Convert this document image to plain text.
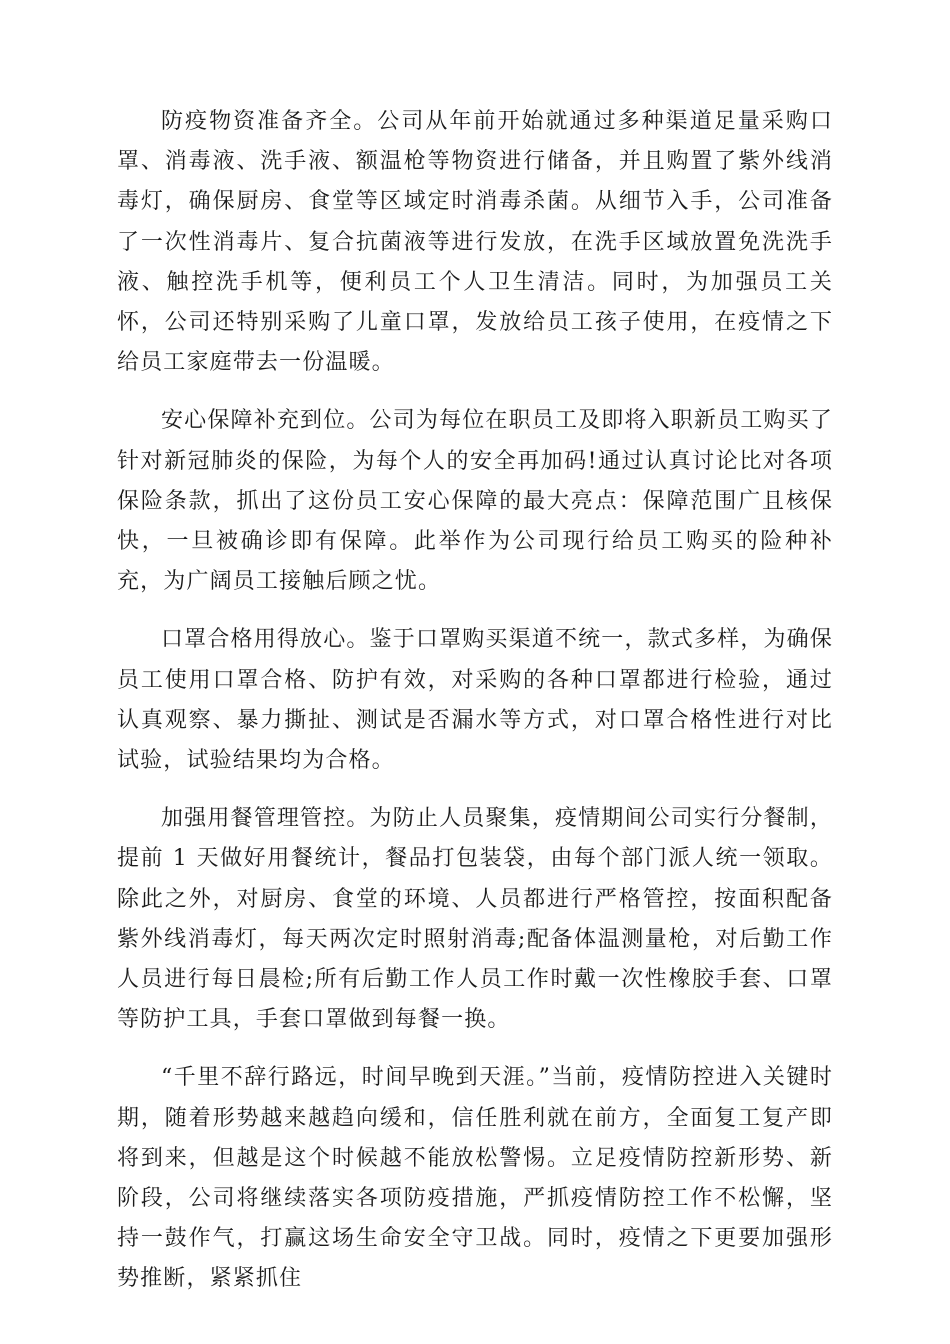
防疫物资准备齐全。公司从年前开始就通过多种渠道足量采购口罩、消毒液、洗手液、额温枪等物资进行储备，并且购置了紫外线消毒灯，确保厨房、食堂等区域定时消毒杀菌。从细节入手，公司准备了一次性消毒片、复合抗菌液等进行发放，在洗手区域放置免洗洗手液、触控洗手机等，便利员工个人卫生清洁。同时，为加强员工关怀，公司还特别采购了儿童口罩，发放给员工孩子使用，在疫情之下给员工家庭带去一份温暖。

安心保障补充到位。公司为每位在职员工及即将入职新员工购买了针对新冠肺炎的保险，为每个人的安全再加码!通过认真讨论比对各项保险条款，抓出了这份员工安心保障的最大亮点：保障范围广且核保快，一旦被确诊即有保障。此举作为公司现行给员工购买的险种补充，为广阔员工接触后顾之忧。

口罩合格用得放心。鉴于口罩购买渠道不统一，款式多样，为确保员工使用口罩合格、防护有效，对采购的各种口罩都进行检验，通过认真观察、暴力撕扯、测试是否漏水等方式，对口罩合格性进行对比试验，试验结果均为合格。

加强用餐管理管控。为防止人员聚集，疫情期间公司实行分餐制，提前 1 天做好用餐统计，餐品打包装袋，由每个部门派人统一领取。除此之外，对厨房、食堂的环境、人员都进行严格管控，按面积配备紫外线消毒灯，每天两次定时照射消毒;配备体温测量枪，对后勤工作人员进行每日晨检;所有后勤工作人员工作时戴一次性橡胶手套、口罩等防护工具，手套口罩做到每餐一换。

“千里不辞行路远，时间早晚到天涯。”当前，疫情防控进入关键时期，随着形势越来越趋向缓和，信任胜利就在前方，全面复工复产即将到来，但越是这个时候越不能放松警惕。立足疫情防控新形势、新阶段，公司将继续落实各项防疫措施，严抓疫情防控工作不松懈，坚持一鼓作气，打赢这场生命安全守卫战。同时，疫情之下更要加强形势推断，紧紧抓住
